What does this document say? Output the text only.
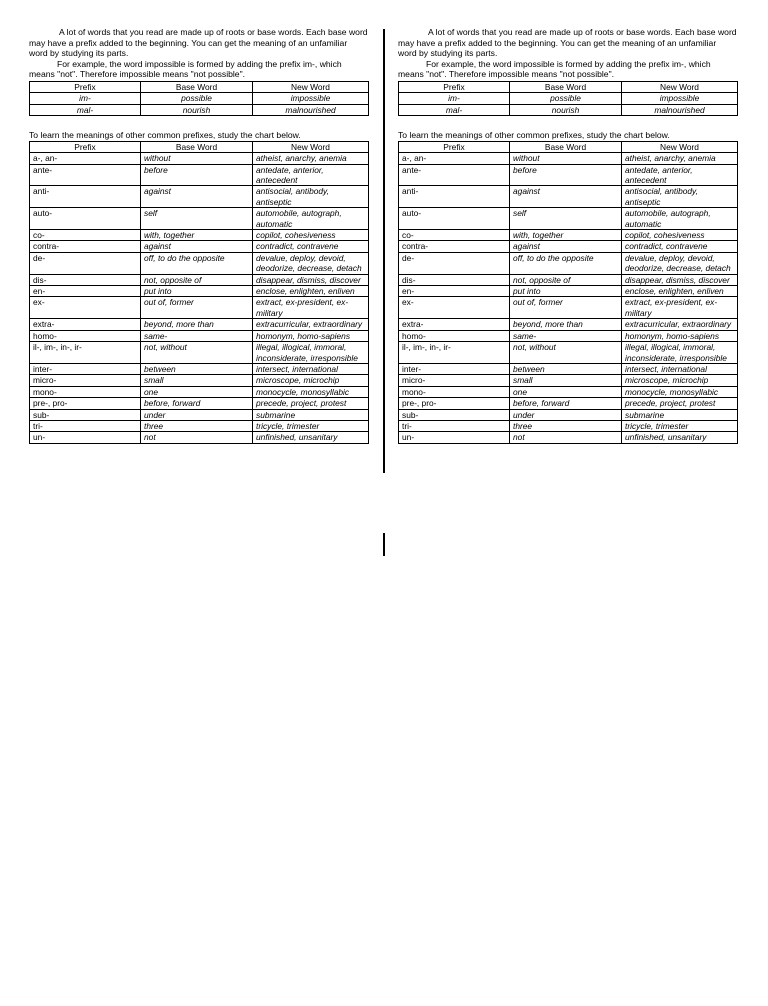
A lot of words that you read are made up of roots or base words. Each base word may have a prefix added to the beginning. You can get the meaning of an unfamiliar word by studying its parts.

For example, the word impossible is formed by adding the prefix im-, which means "not". Therefore impossible means "not possible".

Prefix	Base Word	New Word
im-	possible	impossible
mal-	nourish	malnourished

To learn the meanings of other common prefixes, study the chart below.

Prefix	Base Word	New Word
a-, an-	without	atheist, anarchy, anemia
ante-	before	antedate, anterior, antecedent
anti-	against	antisocial, antibody, antiseptic
auto-	self	automobile, autograph, automatic
co-	with, together	copilot, cohesiveness
contra-	against	contradict, contravene
de-	off, to do the opposite	devalue, deploy, devoid, deodorize, decrease, detach
dis-	not, opposite of	disappear, dismiss, discover
en-	put into	enclose, enlighten, enliven
ex-	out of, former	extract, ex-president, ex-military
extra-	beyond, more than	extracurricular, extraordinary
homo-	same-	homonym, homo-sapiens
il-, im-, in-, ir-	not, without	illegal, illogical, immoral, inconsiderate, irresponsible
inter-	between	intersect, international
micro-	small	microscope, microchip
mono-	one	monocycle, monosyllabic
pre-, pro-	before, forward	precede, project, protest
sub-	under	submarine
tri-	three	tricycle, trimester
un-	not	unfinished, unsanitary

A lot of words that you read are made up of roots or base words. Each base word may have a prefix added to the beginning. You can get the meaning of an unfamiliar word by studying its parts.

For example, the word impossible is formed by adding the prefix im-, which means "not". Therefore impossible means "not possible".

Prefix	Base Word	New Word
im-	possible	impossible
mal-	nourish	malnourished

To learn the meanings of other common prefixes, study the chart below.

Prefix	Base Word	New Word
a-, an-	without	atheist, anarchy, anemia
ante-	before	antedate, anterior, antecedent
anti-	against	antisocial, antibody, antiseptic
auto-	self	automobile, autograph, automatic
co-	with, together	copilot, cohesiveness
contra-	against	contradict, contravene
de-	off, to do the opposite	devalue, deploy, devoid, deodorize, decrease, detach
dis-	not, opposite of	disappear, dismiss, discover
en-	put into	enclose, enlighten, enliven
ex-	out of, former	extract, ex-president, ex-military
extra-	beyond, more than	extracurricular, extraordinary
homo-	same-	homonym, homo-sapiens
il-, im-, in-, ir-	not, without	illegal, illogical, immoral, inconsiderate, irresponsible
inter-	between	intersect, international
micro-	small	microscope, microchip
mono-	one	monocycle, monosyllabic
pre-, pro-	before, forward	precede, project, protest
sub-	under	submarine
tri-	three	tricycle, trimester
un-	not	unfinished, unsanitary
